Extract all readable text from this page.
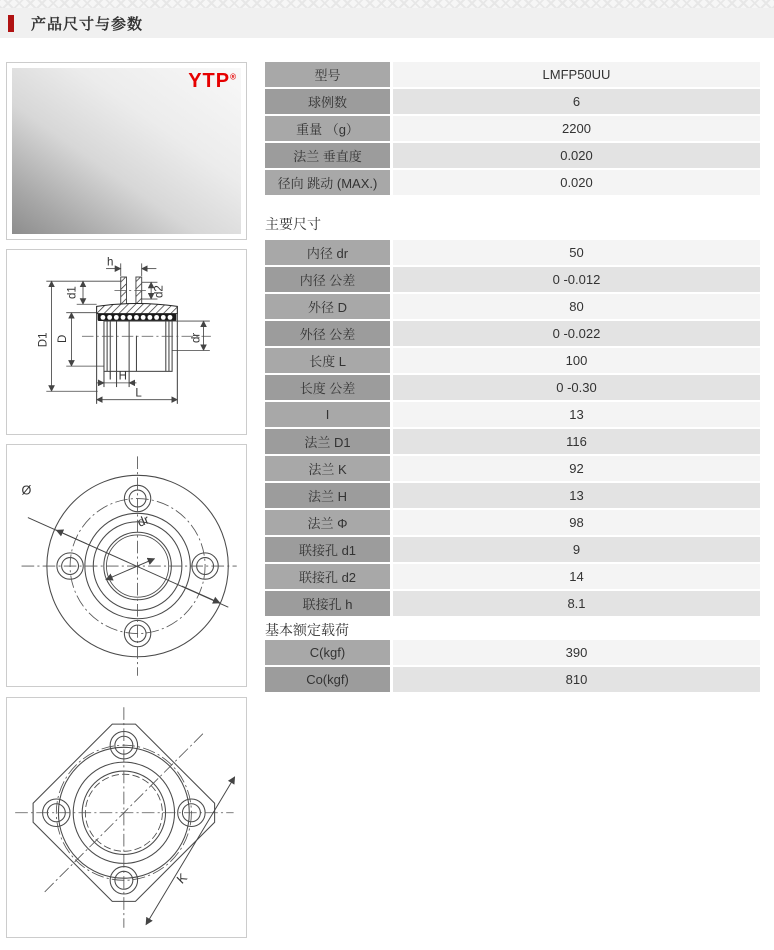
产品尺寸与参数
YTP®
h
d1	d2
D1 D	dr
I H
L
Ø
dr
K
型号	LMFP50UU
球例数	6
重量 （g）	2200
法兰 垂直度	0.020
径向 跳动 (MAX.)	0.020
主要尺寸
内径 dr	50
内径 公差	0 -0.012
外径 D	80
外径 公差	0 -0.022
长度 L	100
长度 公差	0 -0.30
I	13
法兰 D1	116
法兰 K	92
法兰 H	13
法兰 Φ	98
联接孔 d1	9
联接孔 d2	14
联接孔 h	8.1
基本额定载荷
C(kgf)	390
Co(kgf)	810
